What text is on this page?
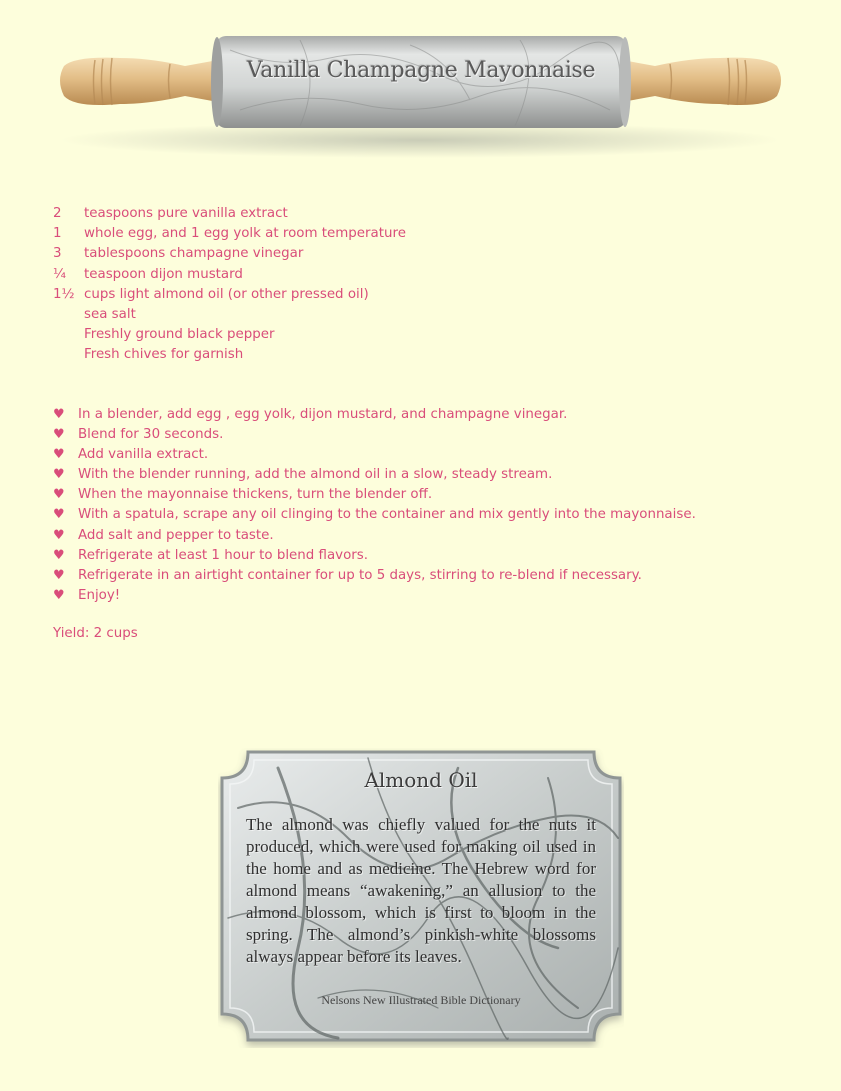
Vanilla Champagne Mayonnaise
2 teaspoons pure vanilla extract
1 whole egg, and 1 egg yolk at room temperature
3 tablespoons champagne vinegar
¼ teaspoon dijon mustard
1½ cups light almond oil (or other pressed oil)
sea salt
Freshly ground black pepper
Fresh chives for garnish
♥ In a blender, add egg , egg yolk, dijon mustard, and champagne vinegar.
♥ Blend for 30 seconds.
♥ Add vanilla extract.
♥ With the blender running, add the almond oil in a slow, steady stream.
♥ When the mayonnaise thickens, turn the blender off.
♥ With a spatula, scrape any oil clinging to the container and mix gently into the mayonnaise.
♥ Add salt and pepper to taste.
♥ Refrigerate at least 1 hour to blend flavors.
♥ Refrigerate in an airtight container for up to 5 days, stirring to re-blend if necessary.
♥ Enjoy!
Yield: 2 cups
Almond Oil

The almond was chiefly valued for the nuts it produced, which were used for making oil used in the home and as medicine. The Hebrew word for almond means “awakening,” an allusion to the almond blossom, which is first to bloom in the spring. The almond’s pinkish-white blossoms always appear before its leaves.

Nelsons New Illustrated Bible Dictionary
